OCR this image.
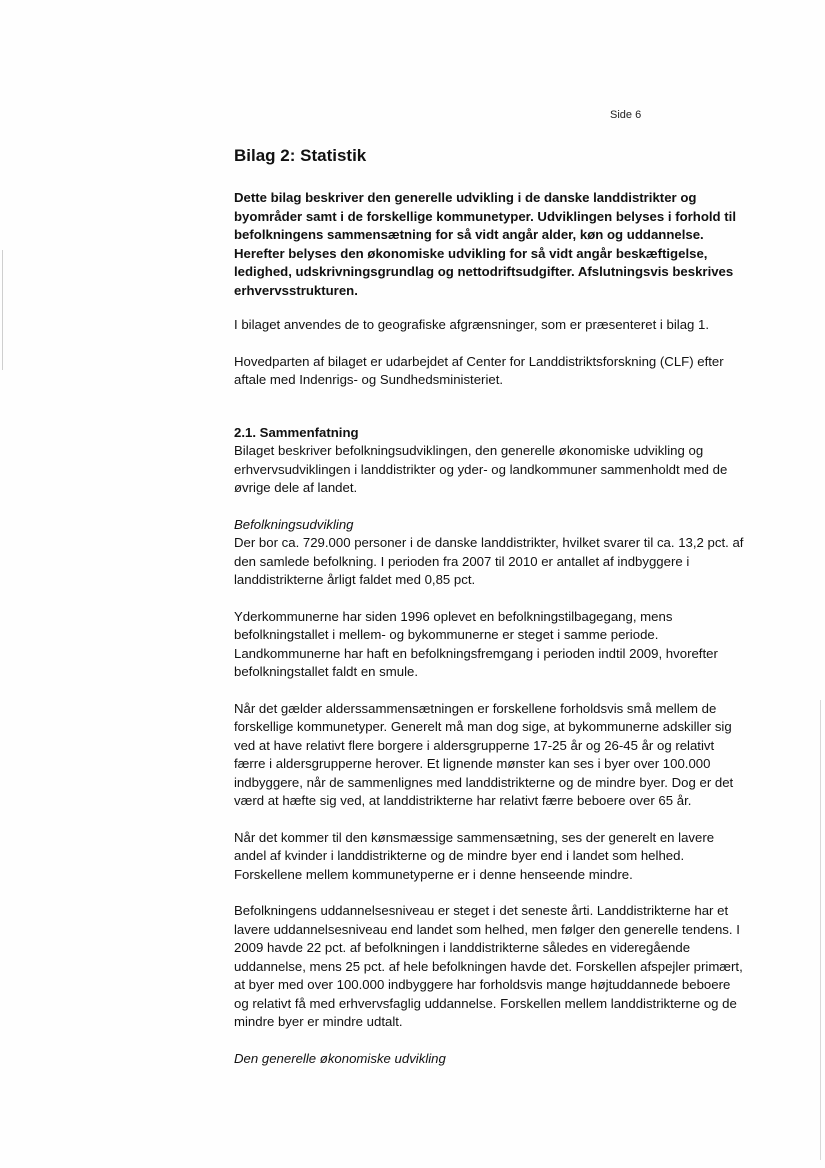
Side 6
Bilag 2: Statistik

Dette bilag beskriver den generelle udvikling i de danske landdistrikter og byområder samt i de forskellige kommunetyper. Udviklingen belyses i forhold til befolkningens sammensætning for så vidt angår alder, køn og uddannelse. Herefter belyses den økonomiske udvikling for så vidt angår beskæftigelse, ledighed, udskrivningsgrundlag og nettodriftsudgifter. Afslutningsvis beskrives erhvervsstrukturen.

I bilaget anvendes de to geografiske afgrænsninger, som er præsenteret i bilag 1.

Hovedparten af bilaget er udarbejdet af Center for Landdistriktsforskning (CLF) efter aftale med Indenrigs- og Sundhedsministeriet.

2.1. Sammenfatning

Bilaget beskriver befolkningsudviklingen, den generelle økonomiske udvikling og erhvervsudviklingen i landdistrikter og yder- og landkommuner sammenholdt med de øvrige dele af landet.

Befolkningsudvikling

Der bor ca. 729.000 personer i de danske landdistrikter, hvilket svarer til ca. 13,2 pct. af den samlede befolkning. I perioden fra 2007 til 2010 er antallet af indbyggere i landdistrikterne årligt faldet med 0,85 pct.

Yderkommunerne har siden 1996 oplevet en befolkningstilbagegang, mens befolkningstallet i mellem- og bykommunerne er steget i samme periode. Landkommunerne har haft en befolkningsfremgang i perioden indtil 2009, hvorefter befolkningstallet faldt en smule.

Når det gælder alderssammensætningen er forskellene forholdsvis små mellem de forskellige kommunetyper. Generelt må man dog sige, at bykommunerne adskiller sig ved at have relativt flere borgere i aldersgrupperne 17-25 år og 26-45 år og relativt færre i aldersgrupperne herover. Et lignende mønster kan ses i byer over 100.000 indbyggere, når de sammenlignes med landdistrikterne og de mindre byer. Dog er det værd at hæfte sig ved, at landdistrikterne har relativt færre beboere over 65 år.

Når det kommer til den kønsmæssige sammensætning, ses der generelt en lavere andel af kvinder i landdistrikterne og de mindre byer end i landet som helhed. Forskellene mellem kommunetyperne er i denne henseende mindre.

Befolkningens uddannelsesniveau er steget i det seneste årti. Landdistrikterne har et lavere uddannelsesniveau end landet som helhed, men følger den generelle tendens. I 2009 havde 22 pct. af befolkningen i landdistrikterne således en videregående uddannelse, mens 25 pct. af hele befolkningen havde det. Forskellen afspejler primært, at byer med over 100.000 indbyggere har forholdsvis mange højtuddannede beboere og relativt få med erhvervsfaglig uddannelse. Forskellen mellem landdistrikterne og de mindre byer er mindre udtalt.

Den generelle økonomiske udvikling
